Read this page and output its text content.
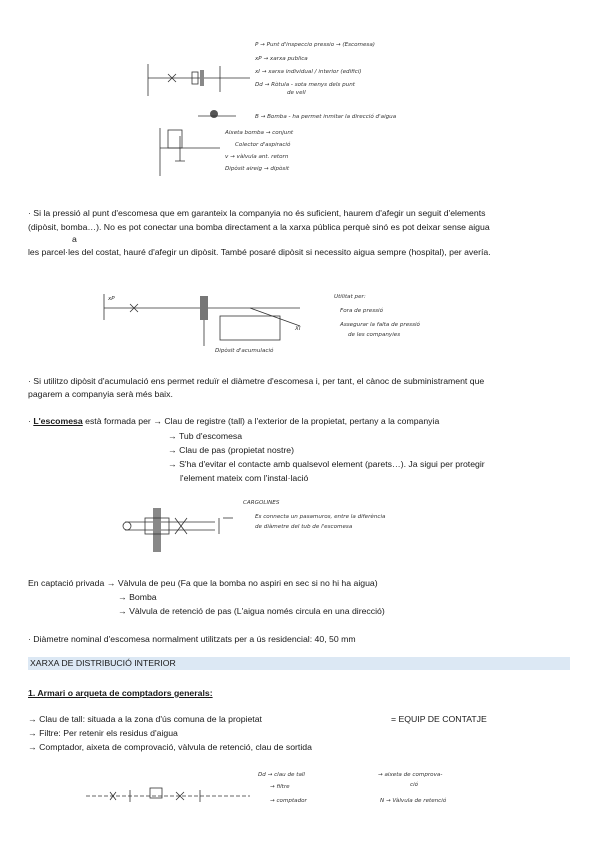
P → Punt d'inspeccio pressio → (Escomesa)
xP → xarxa publica
xI → xarxa individual / interior (edifici)
Dd → Ròtula - sota menys dels punt
de vell
B → Bomba - ha permet inmitar la direcció d'aigua
Aixeta bomba → conjunt
Colector d'aspiració
v → vàlvula ant. retorn
Dipòsit aireig → dipòsit
· Si la pressió al punt d'escomesa que em garanteix la companyia no és suficient, haurem d'afegir un seguit d'elements
(dipòsit, bomba…). No es pot conectar una bomba directament a la xarxa pública perquè sinó es pot deixar sense aigua
a
les parcel·les del costat, hauré d'afegir un dipòsit. També posaré dipòsit si necessito aigua sempre (hospital), per avería.
xP
XI
Dipòsit d'acumulació
Utilitat per:
Fora de pressió
Assegurar la falta de pressió
de les companyies
· Si utilitzo dipòsit d'acumulació ens permet reduïr el diàmetre d'escomesa i, per tant, el cànoc de subministrament que
pagarem a companyia serà més baix.
· L'escomesa està formada per → Clau de registre (tall) a l'exterior de la propietat, pertany a la companyia
→ Tub d'escomesa
→ Clau de pas (propietat nostre)
→ S'ha d'evitar el contacte amb qualsevol element (parets…). Ja sigui per protegir
l'element mateix com l'instal·lació
CARGOLINES
Es connecta un pasamuros, entre la diferència
de diàmetre del tub de l'escomesa
En captació privada → Vàlvula de peu (Fa que la bomba no aspiri en sec si no hi ha aigua)
→ Bomba
→ Vàlvula de retenció de pas (L'aigua només circula en una direcció)
· Diàmetre nominal d'escomesa normalment utilitzats per a ús residencial: 40, 50 mm
XARXA DE DISTRIBUCIÓ INTERIOR
1. Armari o arqueta de comptadors generals:
→ Clau de tall: situada a la zona d'ús comuna de la propietat	= EQUIP DE CONTATJE
→ Filtre: Per retenir els residus d'aigua
→ Comptador, aixeta de comprovació, vàlvula de retenció, clau de sortida
Dd → clau de tall
→ filtre
→ comptador
→ aixeta de comprova-
ció
N → Vàlvula de retenció
